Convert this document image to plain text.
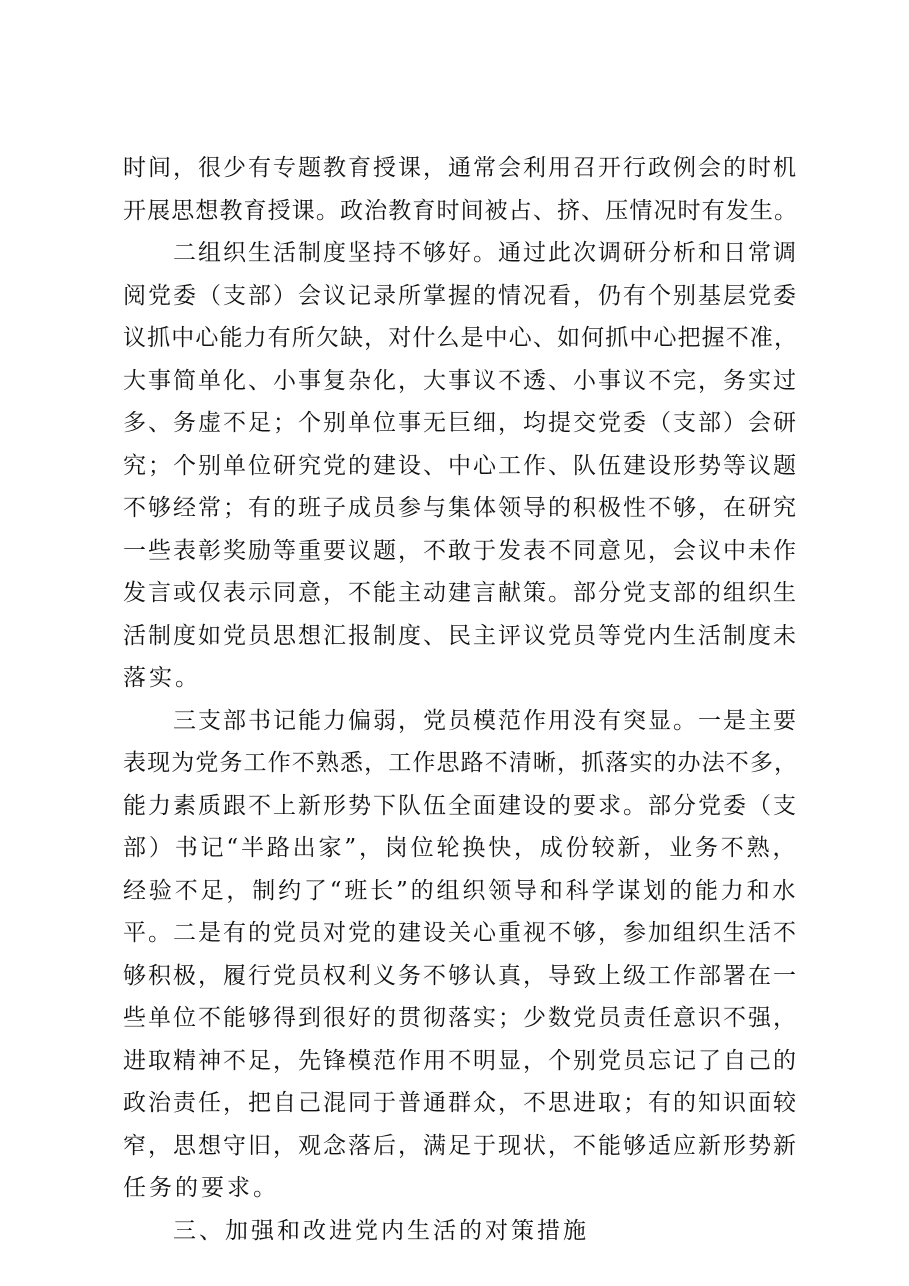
时间，很少有专题教育授课，通常会利用召开行政例会的时机
开展思想教育授课。政治教育时间被占、挤、压情况时有发生。
二组织生活制度坚持不够好。通过此次调研分析和日常调
阅党委（支部）会议记录所掌握的情况看，仍有个别基层党委
议抓中心能力有所欠缺，对什么是中心、如何抓中心把握不准，
大事简单化、小事复杂化，大事议不透、小事议不完，务实过
多、务虚不足；个别单位事无巨细，均提交党委（支部）会研
究；个别单位研究党的建设、中心工作、队伍建设形势等议题
不够经常；有的班子成员参与集体领导的积极性不够，在研究
一些表彰奖励等重要议题，不敢于发表不同意见，会议中未作
发言或仅表示同意，不能主动建言献策。部分党支部的组织生
活制度如党员思想汇报制度、民主评议党员等党内生活制度未
落实。
三支部书记能力偏弱，党员模范作用没有突显。一是主要
表现为党务工作不熟悉，工作思路不清晰，抓落实的办法不多，
能力素质跟不上新形势下队伍全面建设的要求。部分党委（支
部）书记“半路出家”，岗位轮换快，成份较新，业务不熟，
经验不足，制约了“班长”的组织领导和科学谋划的能力和水
平。二是有的党员对党的建设关心重视不够，参加组织生活不
够积极，履行党员权利义务不够认真，导致上级工作部署在一
些单位不能够得到很好的贯彻落实；少数党员责任意识不强，
进取精神不足，先锋模范作用不明显，个别党员忘记了自己的
政治责任，把自己混同于普通群众，不思进取；有的知识面较
窄，思想守旧，观念落后，满足于现状，不能够适应新形势新
任务的要求。
三、加强和改进党内生活的对策措施
